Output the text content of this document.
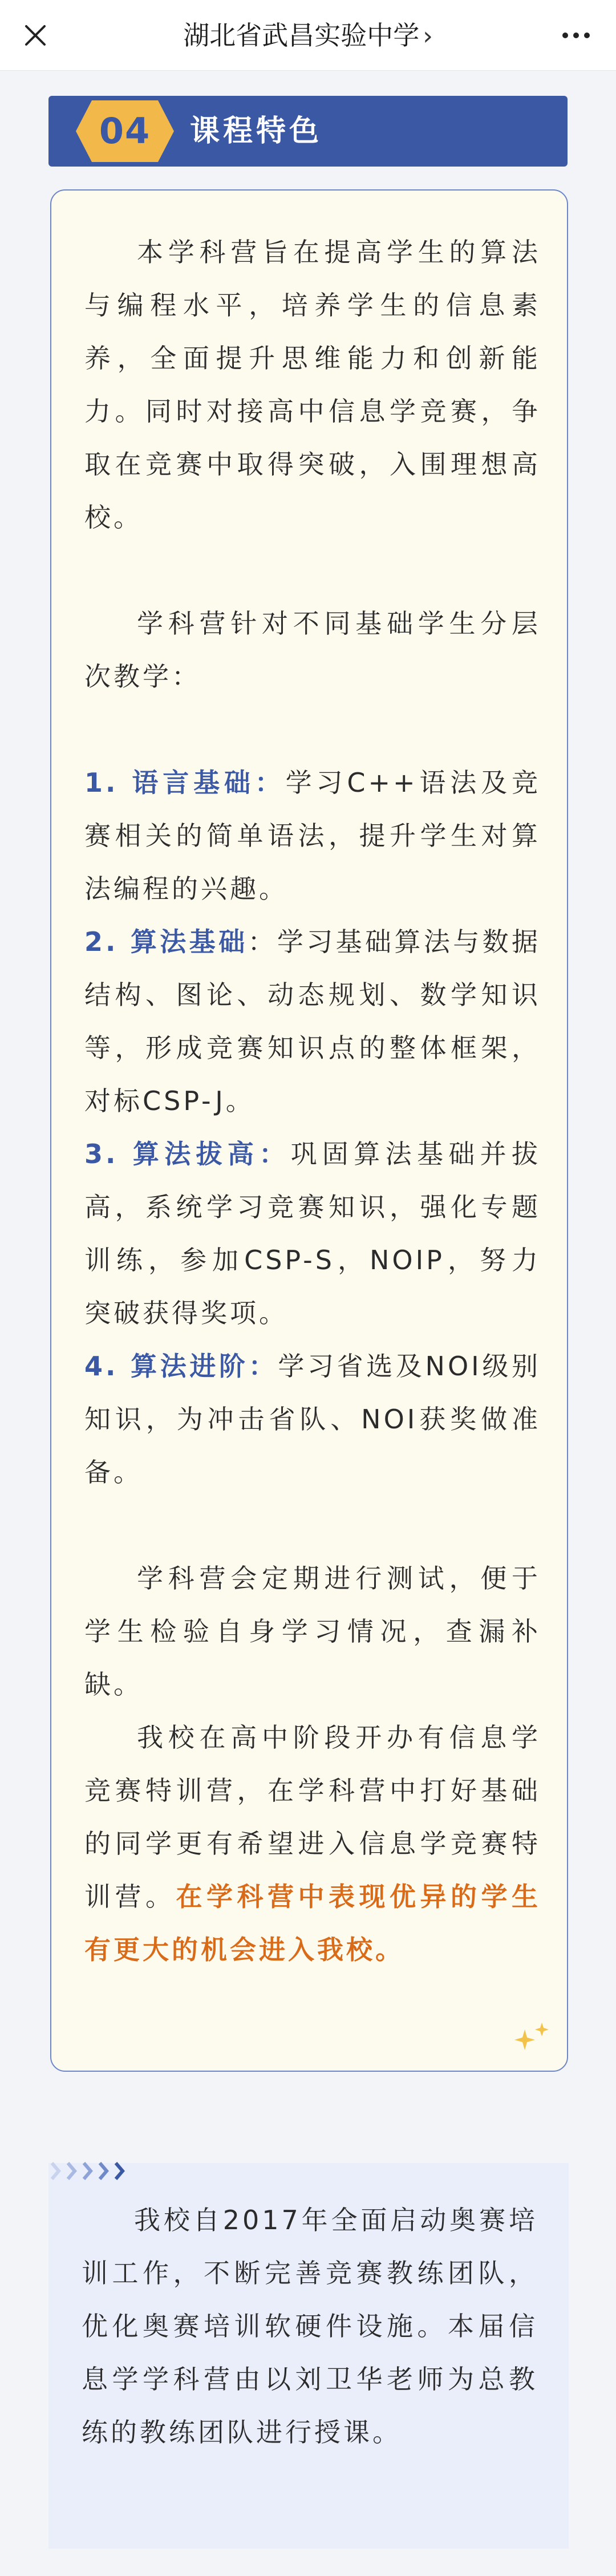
湖北省武昌实验中学 ›
04	课程特色

本学科营旨在提高学生的算法与编程水平，培养学生的信息素养，全面提升思维能力和创新能力。同时对接高中信息学竞赛，争取在竞赛中取得突破，入围理想高校。

学科营针对不同基础学生分层次教学：

1. 语言基础：学习C++语法及竞赛相关的简单语法，提升学生对算法编程的兴趣。

2. 算法基础：学习基础算法与数据结构、图论、动态规划、数学知识等，形成竞赛知识点的整体框架，对标CSP-J。

3. 算法拔高：巩固算法基础并拔高，系统学习竞赛知识，强化专题训练，参加CSP-S，NOIP，努力突破获得奖项。

4. 算法进阶：学习省选及NOI级别知识，为冲击省队、NOI获奖做准备。

学科营会定期进行测试，便于学生检验自身学习情况，查漏补缺。

我校在高中阶段开办有信息学竞赛特训营，在学科营中打好基础的同学更有希望进入信息学竞赛特训营。在学科营中表现优异的学生有更大的机会进入我校。

我校自2017年全面启动奥赛培训工作，不断完善竞赛教练团队，优化奥赛培训软硬件设施。本届信息学学科营由以刘卫华老师为总教练的教练团队进行授课。
